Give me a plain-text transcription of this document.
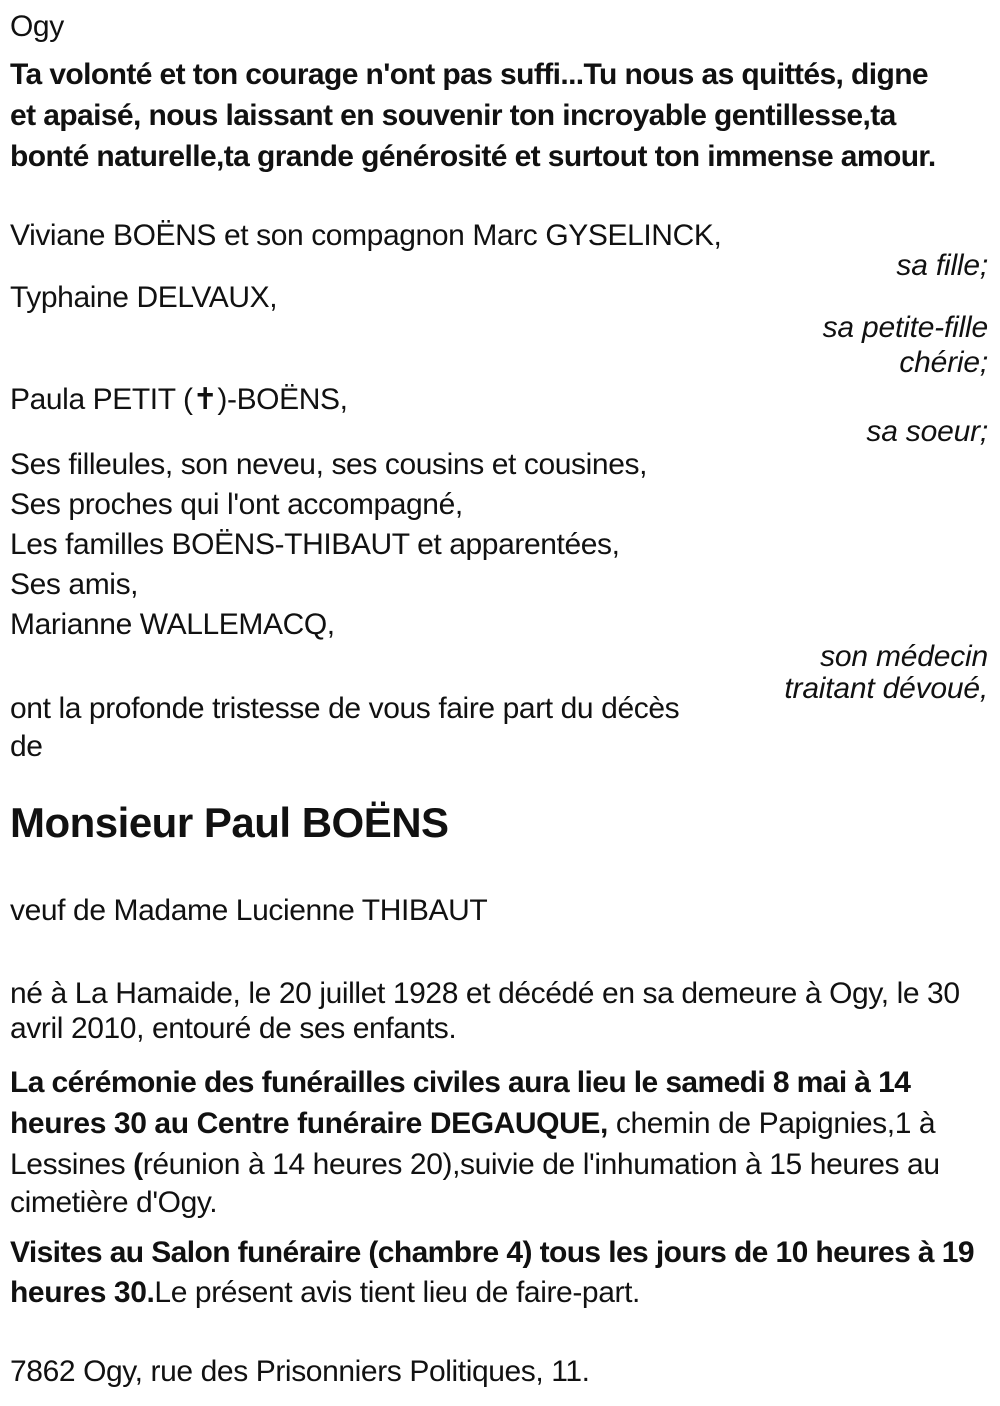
Ogy
Ta volonté et ton courage n'ont pas suffi...Tu nous as quittés, digne
et apaisé, nous laissant en souvenir ton incroyable gentillesse,ta
bonté naturelle,ta grande générosité et surtout ton immense amour.
Viviane BOËNS et son compagnon Marc GYSELINCK,
sa fille;
Typhaine DELVAUX,
sa petite-fille
chérie;
Paula PETIT (✝)-BOËNS,
sa soeur;
Ses filleules, son neveu, ses cousins et cousines,
Ses proches qui l'ont accompagné,
Les familles BOËNS-THIBAUT et apparentées,
Ses amis,
Marianne WALLEMACQ,
son médecin
traitant dévoué,
ont la profonde tristesse de vous faire part du décès
de
Monsieur Paul BOËNS
veuf de Madame Lucienne THIBAUT
né à La Hamaide, le 20 juillet 1928 et décédé en sa demeure à Ogy, le 30
avril 2010, entouré de ses enfants.
La cérémonie des funérailles civiles aura lieu le samedi 8 mai à 14
heures 30 au Centre funéraire DEGAUQUE, chemin de Papignies,1 à
Lessines (réunion à 14 heures 20),suivie de l'inhumation à 15 heures au
cimetière d'Ogy.
Visites au Salon funéraire (chambre 4) tous les jours de 10 heures à 19
heures 30.Le présent avis tient lieu de faire-part.
7862 Ogy, rue des Prisonniers Politiques, 11.
